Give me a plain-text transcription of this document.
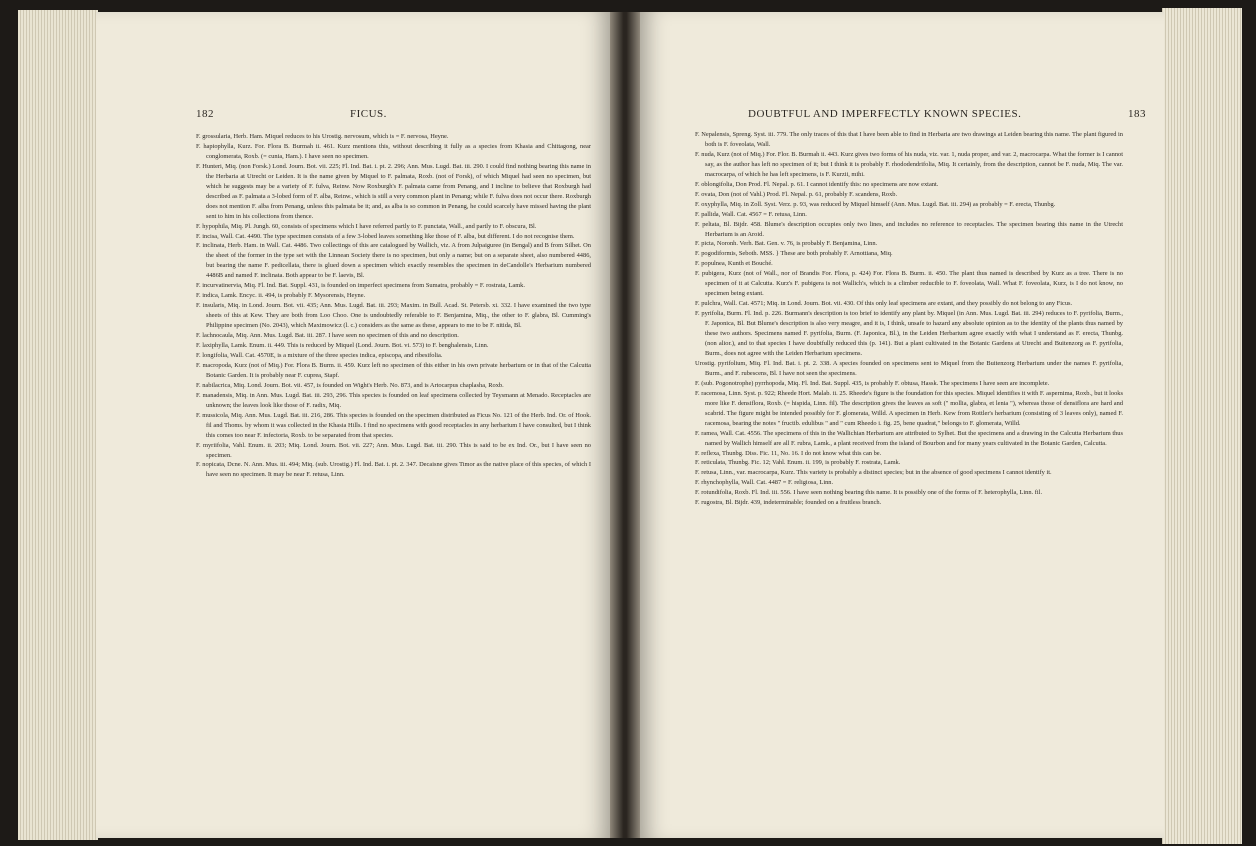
182	FICUS.

F. grossularia, Herb. Ham. Miquel reduces to his Urostig. nervosum, which is = F. nervosa, Heyne.

F. hapiophylla, Kurz. For. Flora B. Burmah ii. 461. Kurz mentions this, without describing it fully as a species from Khasia and Chittagong, near conglomerata, Roxb. (= cunia, Ham.). I have seen no specimen.

F. Hunteri, Miq. (non Forsk.) Lond. Journ. Bot. vii. 225; Fl. Ind. Bat. i. pt. 2. 296; Ann. Mus. Lugd. Bat. iii. 290. I could find nothing bearing this name in the Herbaria at Utrecht or Leiden. It is the name given by Miquel to F. palmata, Roxb. (not of Forsk), of which Miquel had seen no specimen, but which he suggests may be a variety of F. fulva, Reinw. Now Roxburgh's F. palmata came from Penang, and I incline to believe that Roxburgh had described as F. palmata a 3-lobed form of F. alba, Reinw., which is still a very common plant in Penang; while F. fulva does not occur there. Roxburgh does not mention F. alba from Penang, unless this palmata be it; and, as alba is so common in Penang, he could scarcely have missed having the plant sent to him in his collections from thence.

F. hypophila, Miq. Pl. Jungh. 60, consists of specimens which I have referred partly to F. punctata, Wall., and partly to F. obscura, Bl.

F. incisa, Wall. Cat. 4490. The type specimen consists of a few 3-lobed leaves something like those of F. alba, but different. I do not recognise them.

F. inclinata, Herb. Ham. in Wall. Cat. 4486. Two collectings of this are catalogued by Wallich, viz. A from Julpaiguree (in Bengal) and B from Silhet. On the sheet of the former in the type set with the Linnean Society there is no specimen, but only a name; but on a separate sheet, also numbered 4486, but bearing the name F. pedicellata, there is glued down a specimen which exactly resembles the specimen in deCandolle's Herbarium numbered 4486B and named F. inclinata. Both appear to be F. laevis, Bl.

F. incurvatinervia, Miq. Fl. Ind. Bat. Suppl. 431, is founded on imperfect specimens from Sumatra, probably = F. rostrata, Lamk.

F. indica, Lamk. Encyc. ii. 494, is probably F. Mysorensis, Heyne.

F. insularis, Miq. in Lond. Journ. Bot. vii. 435; Ann. Mus. Lugd. Bat. iii. 293; Maxim. in Bull. Acad. St. Petersb. xi. 332. I have examined the two type sheets of this at Kew. They are both from Loo Choo. One is undoubtedly referable to F. Benjamina, Miq., the other to F. glabra, Bl. Cumming's Philippine specimen (No. 2043), which Maximowicz (l. c.) considers as the same as these, appears to me to be F. nitida, Bl.

F. lachnocaula, Miq. Ann. Mus. Lugd. Bat. iii. 287. I have seen no specimen of this and no description.

F. laxiphylla, Lamk. Enum. ii. 449. This is reduced by Miquel (Lond. Journ. Bot. vi. 573) to F. benghalensis, Linn.

F. longifolia, Wall. Cat. 4570E, is a mixture of the three species indica, episcopa, and ribesifolia.

F. macropoda, Kurz (not of Miq.) For. Flora B. Burm. ii. 459. Kurz left no specimen of this either in his own private herbarium or in that of the Calcutta Botanic Garden. It is probably near F. cuprea, Stapf.

F. nabilacrica, Miq. Lond. Journ. Bot. vii. 457, is founded on Wight's Herb. No. 873, and is Artocarpus chaplasha, Roxb.

F. manadensis, Miq. in Ann. Mus. Lugd. Bat. iii. 293, 296. This species is founded on leaf specimens collected by Teysmann at Menado. Receptacles are unknown; the leaves look like those of F. radix, Miq.

F. mussicola, Miq. Ann. Mus. Lugd. Bat. iii. 216, 286. This species is founded on the specimen distributed as Ficus No. 121 of the Herb. Ind. Or. of Hook. fil and Thoms. by whom it was collected in the Khasia Hills. I find no specimens with good receptacles in any herbarium I have consulted, but I think this comes too near F. infectoria, Roxb. to be separated from that species.

F. myriifolia, Vahl. Enum. ii. 203; Miq. Lond. Journ. Bot. vii. 227; Ann. Mus. Lugd. Bat. iii. 290. This is said to be ex Ind. Or., but I have seen no specimen.

F. nopicata, Dcne. N. Ann. Mus. iii. 494; Miq. (sub. Urostig.) Fl. Ind. Bat. i. pt. 2. 347. Decaisne gives Timor as the native place of this species, of which I have seen no specimen. It may be near F. retusa, Linn.

DOUBTFUL AND IMPERFECTLY KNOWN SPECIES.	183

F. Nepalensis, Spreng. Syst. iii. 779. The only traces of this that I have been able to find in Herbaria are two drawings at Leiden bearing this name. The plant figured in both is F. foveolata, Wall.

F. nuda, Kurz (not of Miq.) For. Flor. B. Burmah ii. 443. Kurz gives two forms of his nuda, viz. var. 1, nuda proper, and var. 2, macrocarpa. What the former is I cannot say, as the author has left no specimen of it; but I think it is probably F. rhododendrifolia, Miq. It certainly, from the description, cannot be F. nuda, Miq. The var. macrocarpa, of which he has left specimens, is F. Kurzii, mihi.

F. oblongifolia, Don Prod. Fl. Nepal. p. 61. I cannot identify this: no specimens are now extant.

F. ovata, Don (not of Vahl.) Prod. Fl. Nepal. p. 61, probably F. scandens, Roxb.

F. oxyphylla, Miq. in Zoll. Syst. Verz. p. 93, was reduced by Miquel himself (Ann. Mus. Lugd. Bat. iii. 294) as probably = F. erecta, Thunbg.

F. pallida, Wall. Cat. 4567 = F. retusa, Linn.

F. peltata, Bl. Bijdr. 458. Blume's description occupies only two lines, and includes no reference to receptacles. The specimen bearing this name in the Utrecht Herbarium is an Aroid.

F. picta, Noronh. Verh. Bat. Gen. v. 76, is probably F. Benjamina, Linn.

F. pogodiformis, Seboth. MSS. } These are both probably F. Arnottiana, Miq.

F. populnea, Kunth et Bouché.

F. pubigera, Kurz (not of Wall., nor of Brandis For. Flora, p. 424) For. Flora B. Burm. ii. 450. The plant thus named is described by Kurz as a tree. There is no specimen of it at Calcutta. Kurz's F. pubigera is not Wallich's, which is a climber reducible to F. foveolata, Wall. What F. foveolata, Kurz, is I do not know, no specimen being extant.

F. pulchra, Wall. Cat. 4571; Miq. in Lond. Journ. Bot. vii. 430. Of this only leaf specimens are extant, and they possibly do not belong to any Ficus.

F. pyrifolia, Burm. Fl. Ind. p. 226. Burmann's description is too brief to identify any plant by. Miquel (in Ann. Mus. Lugd. Bat. iii. 294) reduces to F. pyrifolia, Burm., F. Japonica, Bl. But Blume's description is also very meagre, and it is, I think, unsafe to hazard any absolute opinion as to the identity of the plants thus named by these two authors. Specimens named F. pyrifolia, Burm. (F. Japonica, Bl.), in the Leiden Herbarium agree exactly with what I understand as F. erecta, Thunbg. (non alior.), and to that species I have doubtfully reduced this (p. 141). But a plant cultivated in the Botanic Gardens at Utrecht and Buitenzorg as F. pyrifolia, Burm., does not agree with the Leiden Herbarium specimens.

Urostig. pyrifolium, Miq. Fl. Ind. Bat. i. pt. 2. 338. A species founded on specimens sent to Miquel from the Buitenzorg Herbarium under the names F. pyrifolia, Burm., and F. rubescens, Bl. I have not seen the specimens.

F. (sub. Pogonotrophe) pyrrhopoda, Miq. Fl. Ind. Bat. Suppl. 435, is probably F. obtusa, Hassk. The specimens I have seen are incomplete.

F. racemosa, Linn. Syst. p. 922; Rheede Hort. Malab. ii. 25. Rheede's figure is the foundation for this species. Miquel identifies it with F. aspernima, Roxb., but it looks more like F. densiflora, Roxb. (= hispida, Linn. fil). The description gives the leaves as soft (" mollia, glabra, et lenia "), whereas those of densiflora are hard and scabrid. The figure might be intended possibly for F. glomerata, Willd. A specimen in Herb. Kew from Rottler's herbarium (consisting of 3 leaves only), named F. racemosa, bearing the notes " fructib. edulibus " and " cum Rheedo i. fig. 25, bene quadrat," belongs to F. glomerata, Willd.

F. ramea, Wall. Cat. 4556. The specimens of this in the Wallichian Herbarium are attributed to Sylhet. But the specimens and a drawing in the Calcutta Herbarium thus named by Wallich himself are all F. rubra, Lamk., a plant received from the island of Bourbon and for many years cultivated in the Botanic Garden, Calcutta.

F. reflexa, Thunbg. Diss. Fic. 11, No. 16. I do not know what this can be.

F. reticulata, Thunbg. Fic. 12; Vahl. Enum. ii. 199, is probably F. rostrata, Lamk.

F. retusa, Linn., var. macrocarpa, Kurz. This variety is probably a distinct species; but in the absence of good specimens I cannot identify it.

F. rhynchophylla, Wall. Cat. 4487 = F. religiosa, Linn.

F. rotundifolia, Roxb. Fl. Ind. iii. 556. I have seen nothing bearing this name. It is possibly one of the forms of F. heterophylla, Linn. fil.

F. rugostra, Bl. Bijdr. 439, indeterminable; founded on a fruitless branch.
